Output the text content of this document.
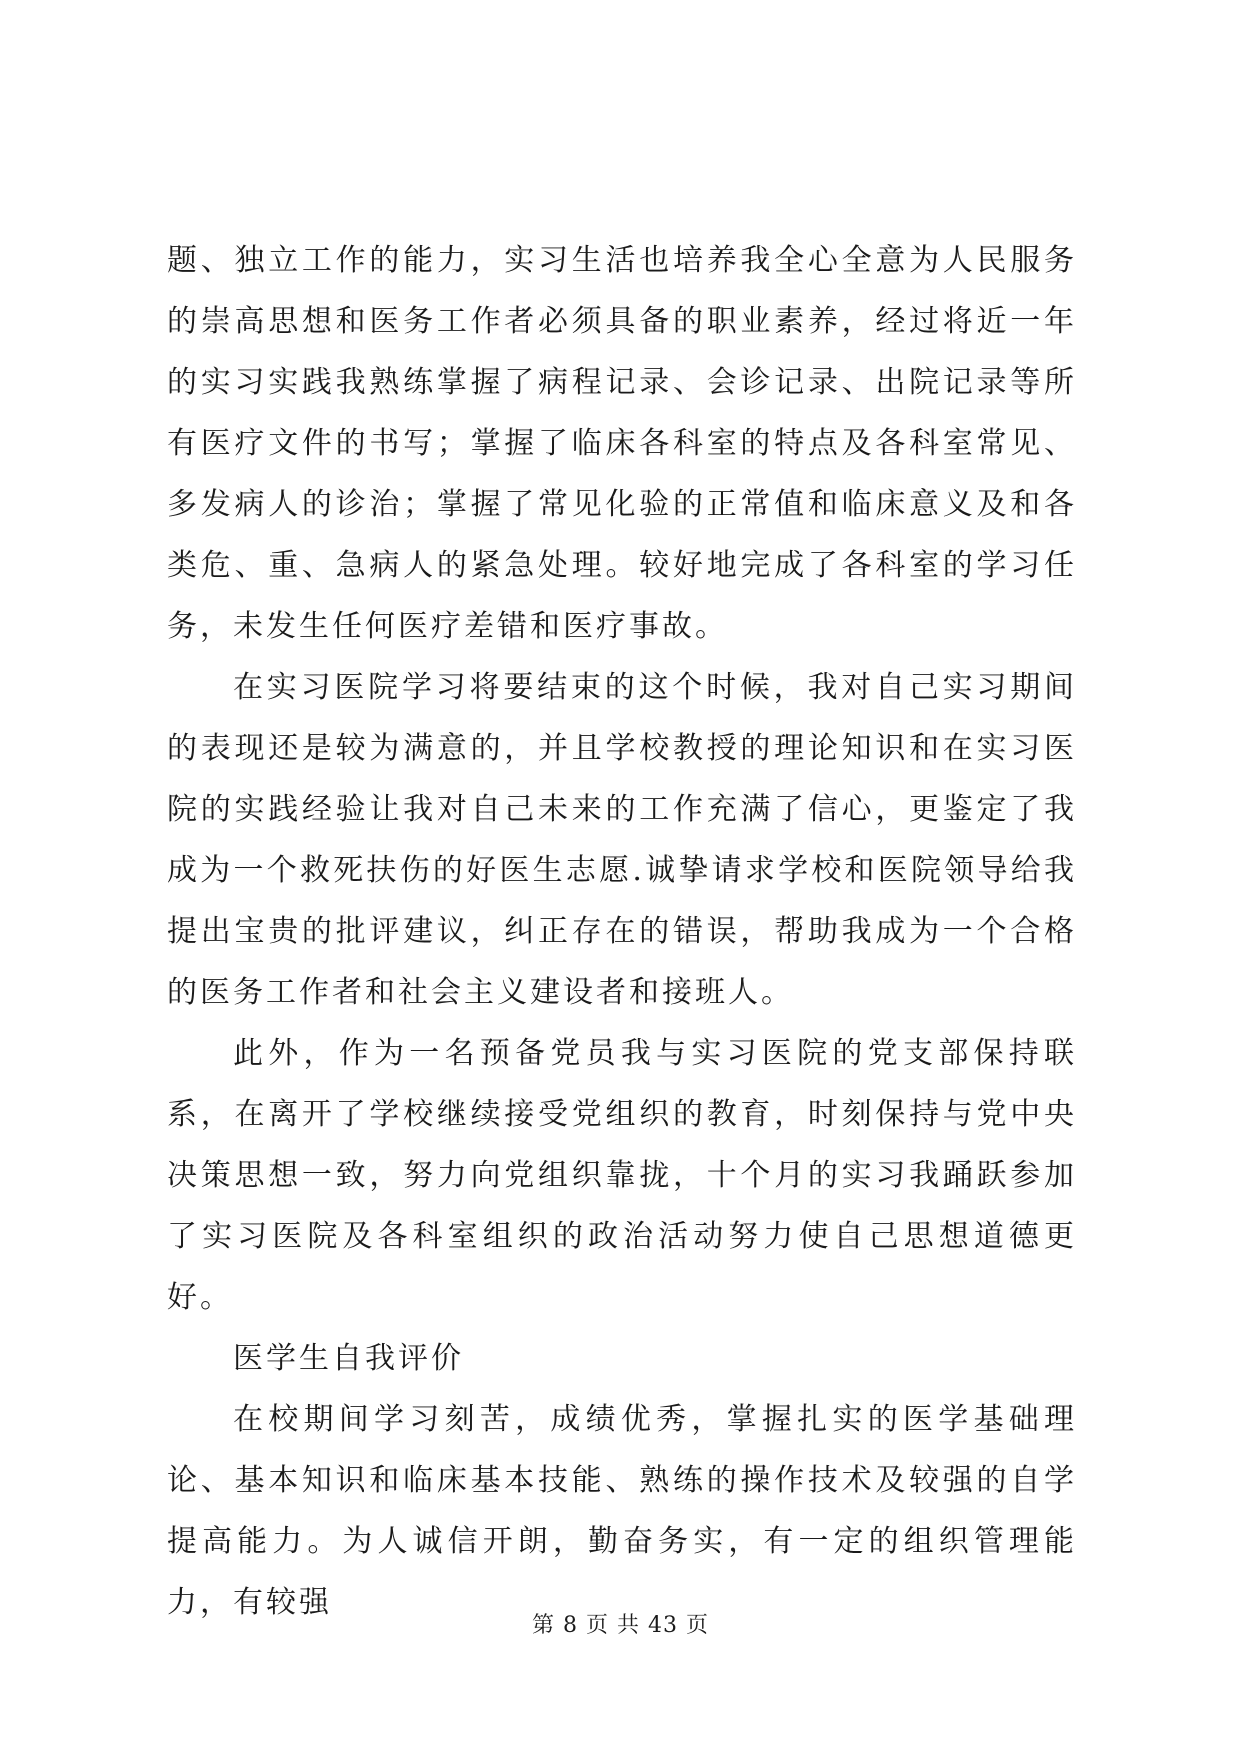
题、独立工作的能力，实习生活也培养我全心全意为人民服务的崇高思想和医务工作者必须具备的职业素养，经过将近一年的实习实践我熟练掌握了病程记录、会诊记录、出院记录等所有医疗文件的书写；掌握了临床各科室的特点及各科室常见、多发病人的诊治；掌握了常见化验的正常值和临床意义及和各类危、重、急病人的紧急处理。较好地完成了各科室的学习任务，未发生任何医疗差错和医疗事故。

在实习医院学习将要结束的这个时候，我对自己实习期间的表现还是较为满意的，并且学校教授的理论知识和在实习医院的实践经验让我对自己未来的工作充满了信心，更鉴定了我成为一个救死扶伤的好医生志愿.诚挚请求学校和医院领导给我提出宝贵的批评建议，纠正存在的错误，帮助我成为一个合格的医务工作者和社会主义建设者和接班人。

此外，作为一名预备党员我与实习医院的党支部保持联系，在离开了学校继续接受党组织的教育，时刻保持与党中央决策思想一致，努力向党组织靠拢，十个月的实习我踊跃参加了实习医院及各科室组织的政治活动努力使自己思想道德更好。

医学生自我评价

在校期间学习刻苦，成绩优秀，掌握扎实的医学基础理论、基本知识和临床基本技能、熟练的操作技术及较强的自学提高能力。为人诚信开朗，勤奋务实，有一定的组织管理能力，有较强

第 8 页 共 43 页
